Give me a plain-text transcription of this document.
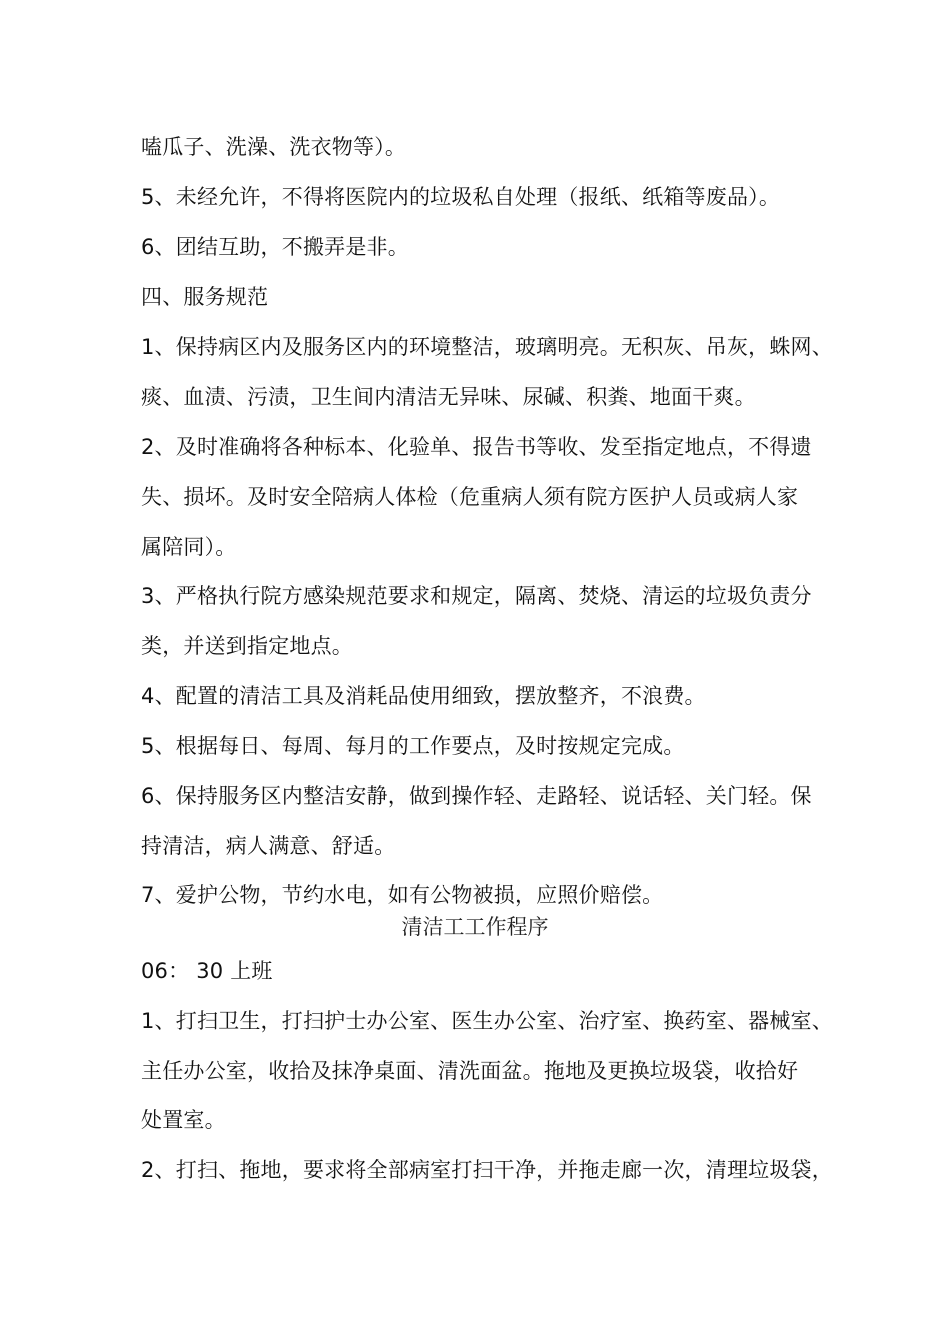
嗑瓜子、洗澡、洗衣物等）。
5、未经允许，不得将医院内的垃圾私自处理（报纸、纸箱等废品）。
6、团结互助，不搬弄是非。
四、服务规范
1、保持病区内及服务区内的环境整洁，玻璃明亮。无积灰、吊灰，蛛网、
痰、血渍、污渍，卫生间内清洁无异味、尿碱、积粪、地面干爽。
2、及时准确将各种标本、化验单、报告书等收、发至指定地点，不得遗
失、损坏。及时安全陪病人体检（危重病人须有院方医护人员或病人家
属陪同）。
3、严格执行院方感染规范要求和规定，隔离、焚烧、清运的垃圾负责分
类，并送到指定地点。
4、配置的清洁工具及消耗品使用细致，摆放整齐，不浪费。
5、根据每日、每周、每月的工作要点，及时按规定完成。
6、保持服务区内整洁安静，做到操作轻、走路轻、说话轻、关门轻。保
持清洁，病人满意、舒适。
7、爱护公物，节约水电，如有公物被损，应照价赔偿。
清洁工工作程序
06： 30 上班
1、打扫卫生，打扫护士办公室、医生办公室、治疗室、换药室、器械室、
主任办公室，收拾及抹净桌面、清洗面盆。拖地及更换垃圾袋，收拾好
处置室。
2、打扫、拖地，要求将全部病室打扫干净，并拖走廊一次，清理垃圾袋，
